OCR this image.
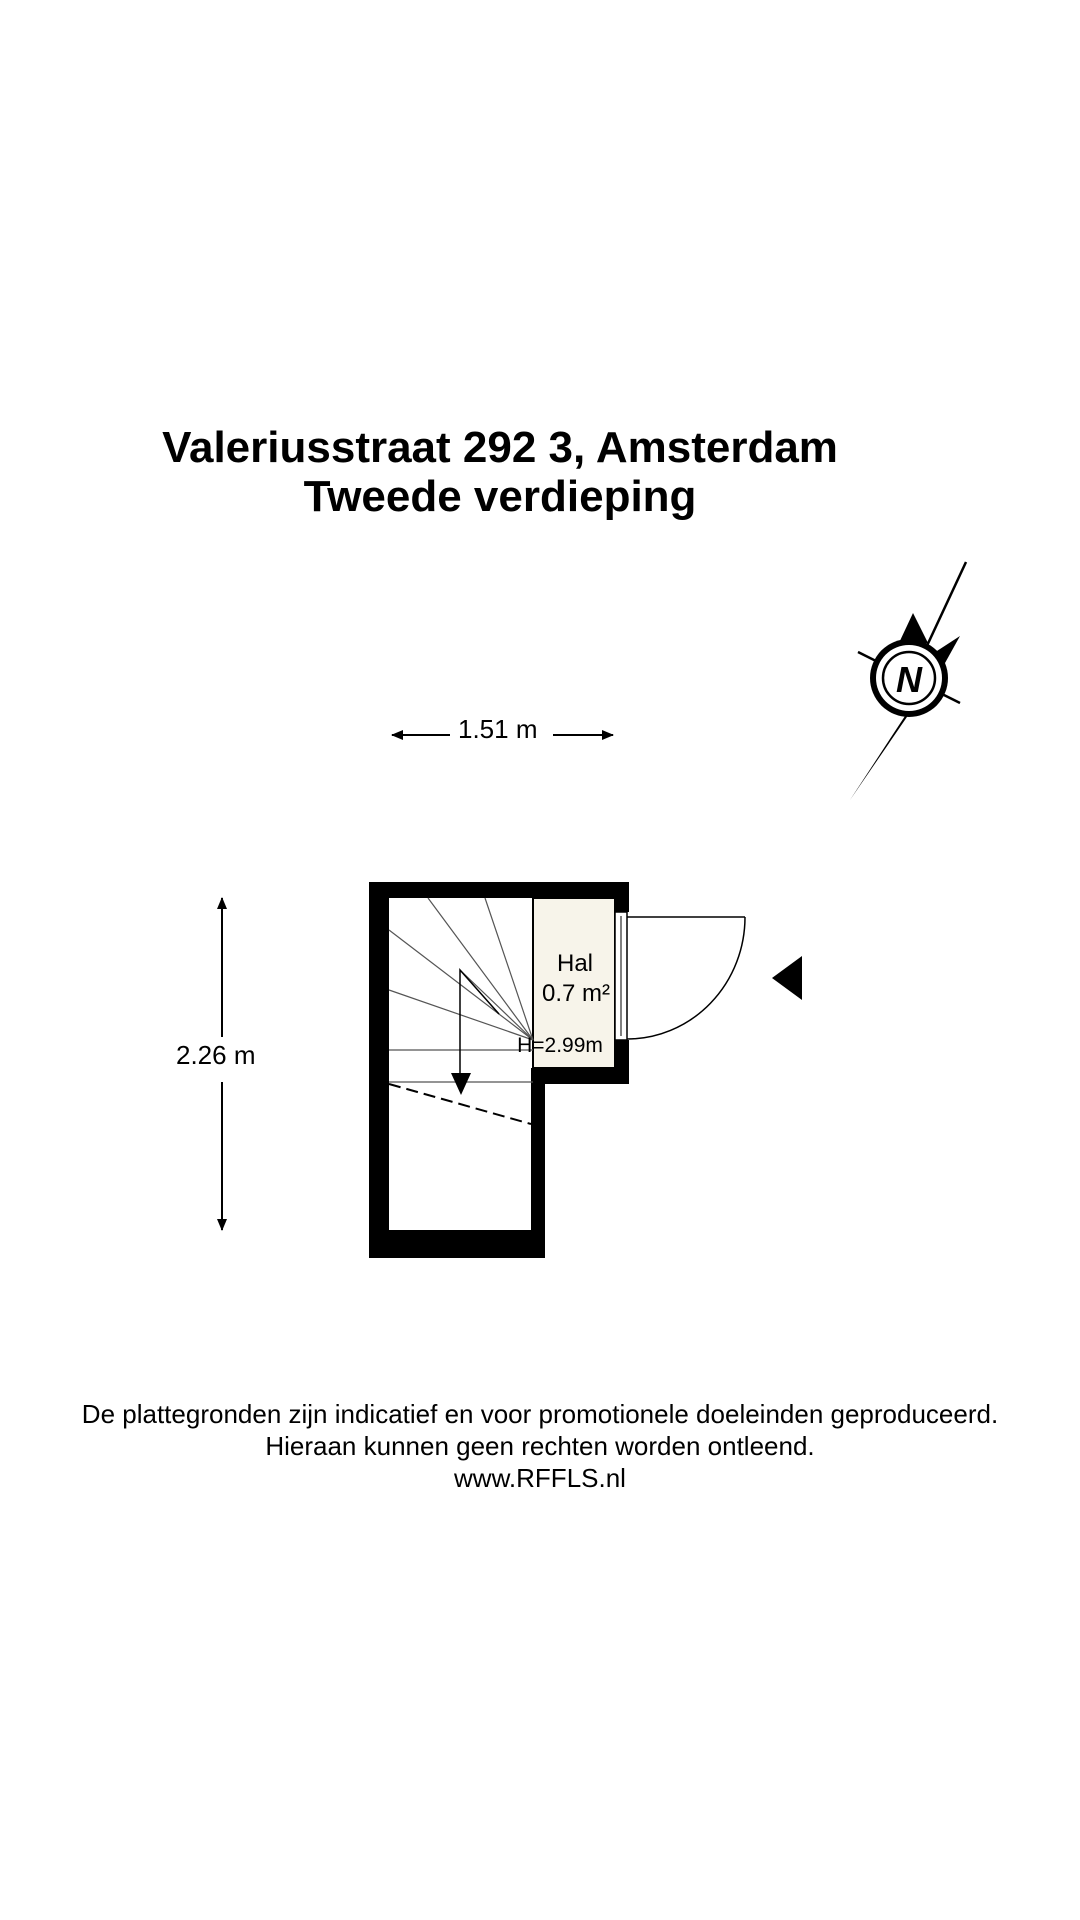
Valeriusstraat 292 3, Amsterdam
Tweede verdieping
N
1.51 m
2.26 m
Hal
0.7 m²
H=2.99m
De plattegronden zijn indicatief en voor promotionele doeleinden geproduceerd.
Hieraan kunnen geen rechten worden ontleend.
www.RFFLS.nl
